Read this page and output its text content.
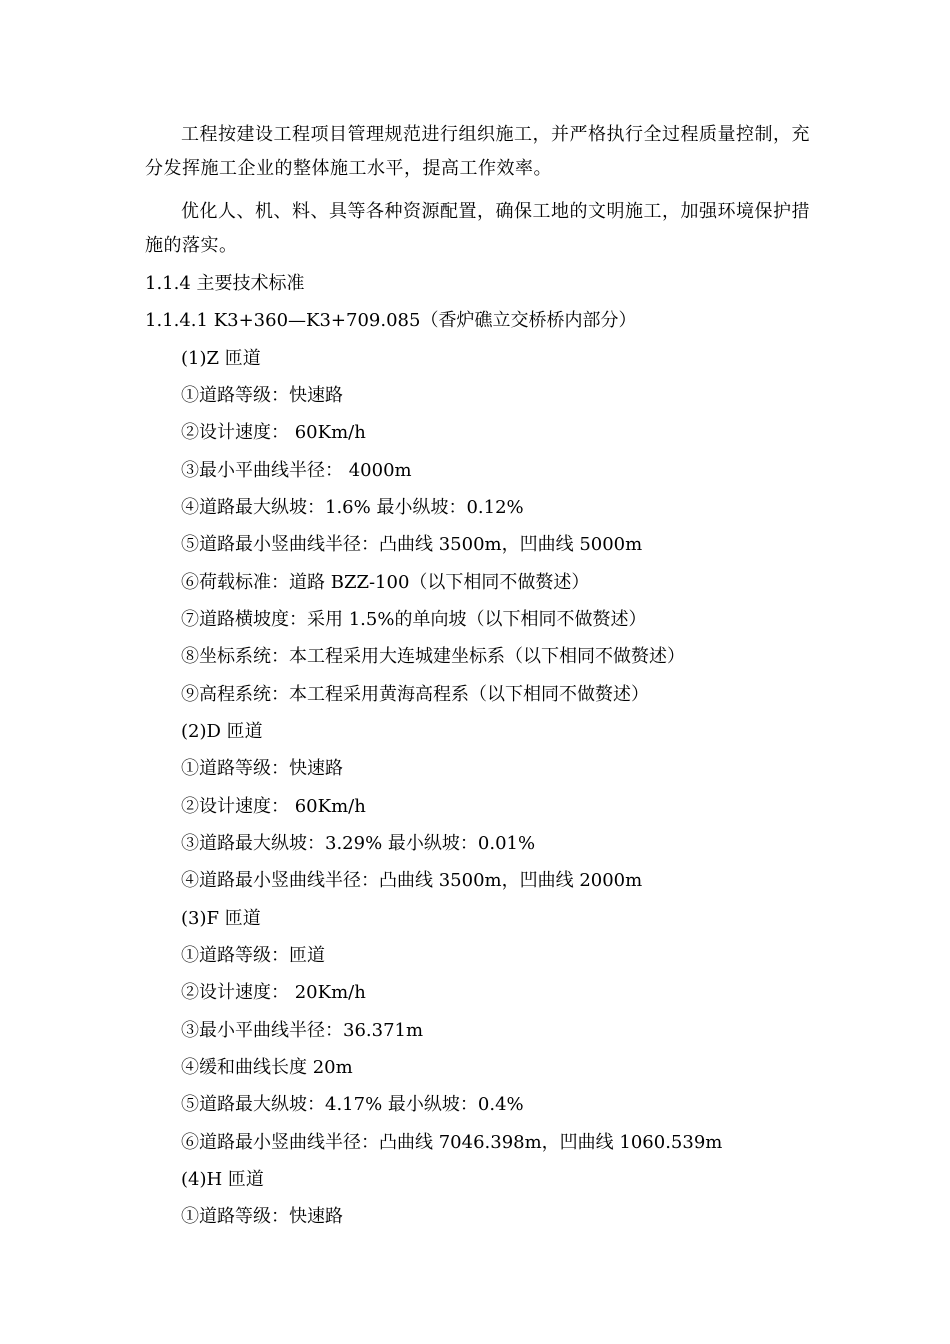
工程按建设工程项目管理规范进行组织施工，并严格执行全过程质量控制，充分发挥施工企业的整体施工水平，提高工作效率。

优化人、机、料、具等各种资源配置，确保工地的文明施工，加强环境保护措施的落实。

1.1.4 主要技术标准
1.1.4.1 K3+360—K3+709.085（香炉礁立交桥桥内部分）
(1)Z 匝道
①道路等级：快速路
②设计速度： 60Km/h
③最小平曲线半径： 4000m
④道路最大纵坡：1.6% 最小纵坡：0.12%
⑤道路最小竖曲线半径：凸曲线 3500m，凹曲线 5000m
⑥荷载标准：道路 BZZ-100（以下相同不做赘述）
⑦道路横坡度：采用 1.5%的单向坡（以下相同不做赘述）
⑧坐标系统：本工程采用大连城建坐标系（以下相同不做赘述）
⑨高程系统：本工程采用黄海高程系（以下相同不做赘述）
(2)D 匝道
①道路等级：快速路
②设计速度： 60Km/h
③道路最大纵坡：3.29% 最小纵坡：0.01%
④道路最小竖曲线半径：凸曲线 3500m，凹曲线 2000m
(3)F 匝道
①道路等级：匝道
②设计速度： 20Km/h
③最小平曲线半径：36.371m
④缓和曲线长度 20m
⑤道路最大纵坡：4.17% 最小纵坡：0.4%
⑥道路最小竖曲线半径：凸曲线 7046.398m，凹曲线 1060.539m
(4)H 匝道
①道路等级：快速路
